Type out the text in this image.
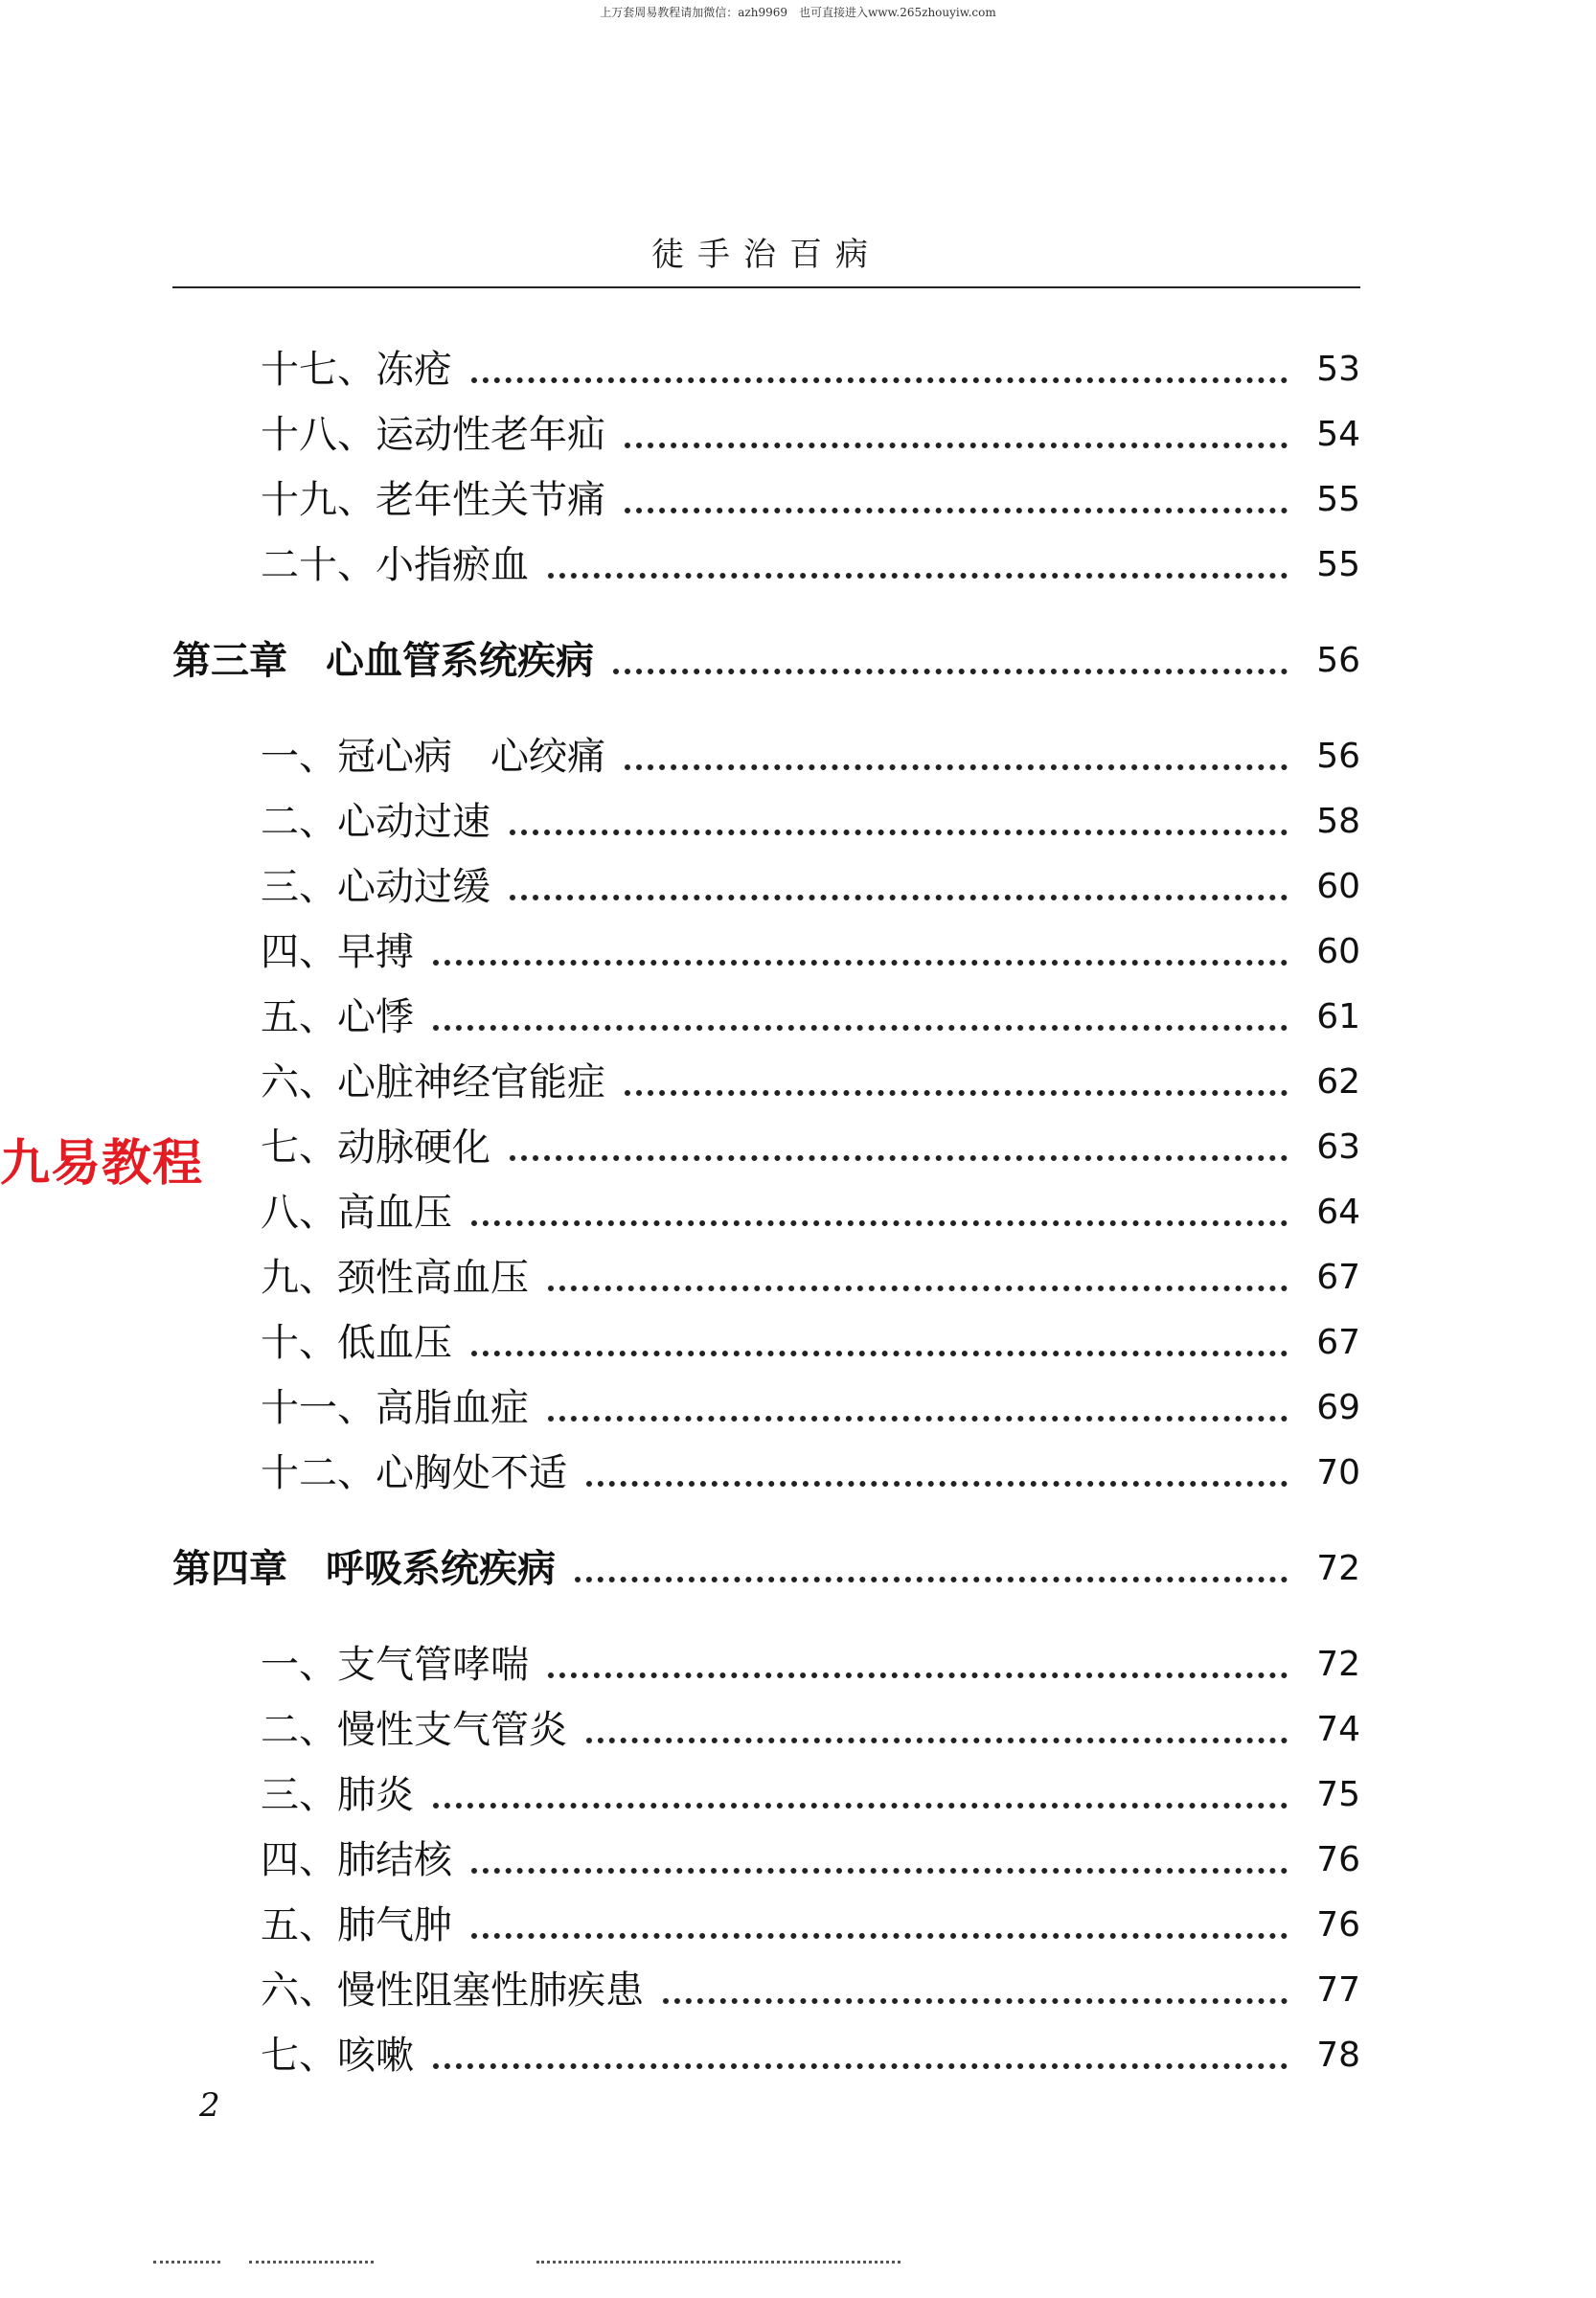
上万套周易教程请加微信：azh9969　也可直接进入www.265zhouyiw.com
徒手治百病
十七、冻疮	53
十八、运动性老年疝	54
十九、老年性关节痛	55
二十、小指瘀血	55
第三章　心血管系统疾病	56
一、冠心病　心绞痛	56
二、心动过速	58
三、心动过缓	60
四、早搏	60
五、心悸	61
六、心脏神经官能症	62
七、动脉硬化	63
八、高血压	64
九、颈性高血压	67
十、低血压	67
十一、高脂血症	69
十二、心胸处不适	70
第四章　呼吸系统疾病	72
一、支气管哮喘	72
二、慢性支气管炎	74
三、肺炎	75
四、肺结核	76
五、肺气肿	76
六、慢性阻塞性肺疾患	77
七、咳嗽	78
九易教程
2
